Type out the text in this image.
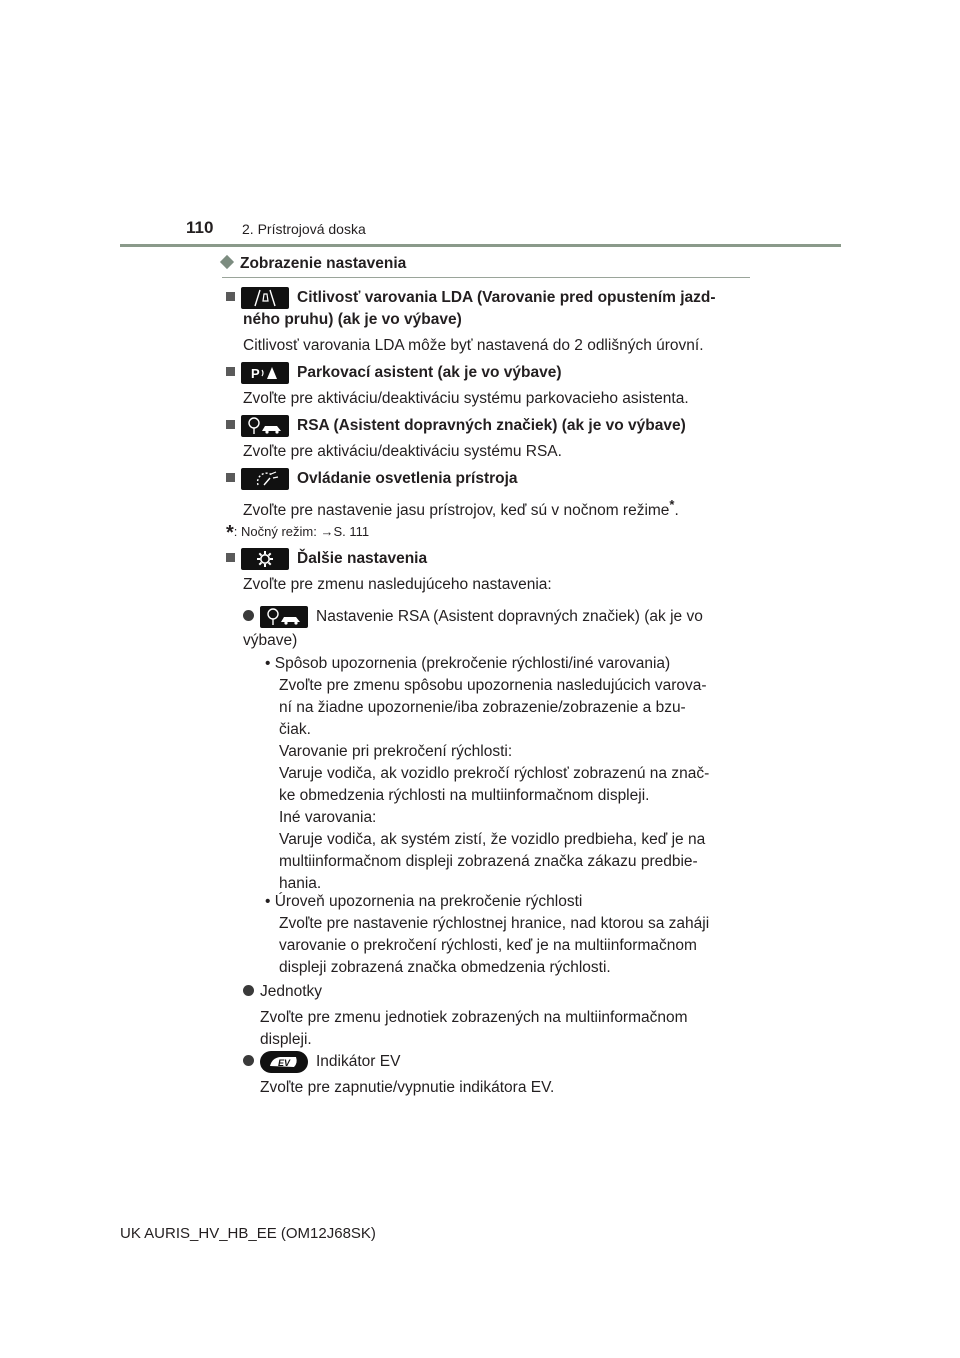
110 2. Prístrojová doska
Zobrazenie nastavenia
Citlivosť varovania LDA (Varovanie pred opustením jazd-
ného pruhu) (ak je vo výbave)
Citlivosť varovania LDA môže byť nastavená do 2 odlišných úrovní.
P Parkovací asistent (ak je vo výbave)
Zvoľte pre aktiváciu/deaktiváciu systému parkovacieho asistenta.
RSA (Asistent dopravných značiek) (ak je vo výbave)
Zvoľte pre aktiváciu/deaktiváciu systému RSA.
Ovládanie osvetlenia prístroja
Zvoľte pre nastavenie jasu prístrojov, keď sú v nočnom režime*.
*: Nočný režim: →S. 111
Ďalšie nastavenia
Zvoľte pre zmenu nasledujúceho nastavenia:
Nastavenie RSA (Asistent dopravných značiek) (ak je vo
výbave)
• Spôsob upozornenia (prekročenie rýchlosti/iné varovania)
Zvoľte pre zmenu spôsobu upozornenia nasledujúcich varova-
ní na žiadne upozornenie/iba zobrazenie/zobrazenie a bzu-
čiak.
Varovanie pri prekročení rýchlosti:
Varuje vodiča, ak vozidlo prekročí rýchlosť zobrazenú na znač-
ke obmedzenia rýchlosti na multiinformačnom displeji.
Iné varovania:
Varuje vodiča, ak systém zistí, že vozidlo predbieha, keď je na
multiinformačnom displeji zobrazená značka zákazu predbie-
hania.
• Úroveň upozornenia na prekročenie rýchlosti
Zvoľte pre nastavenie rýchlostnej hranice, nad ktorou sa zaháji
varovanie o prekročení rýchlosti, keď je na multiinformačnom
displeji zobrazená značka obmedzenia rýchlosti.
Jednotky
Zvoľte pre zmenu jednotiek zobrazených na multiinformačnom
displeji.
EV Indikátor EV
Zvoľte pre zapnutie/vypnutie indikátora EV.
UK AURIS_HV_HB_EE (OM12J68SK)
